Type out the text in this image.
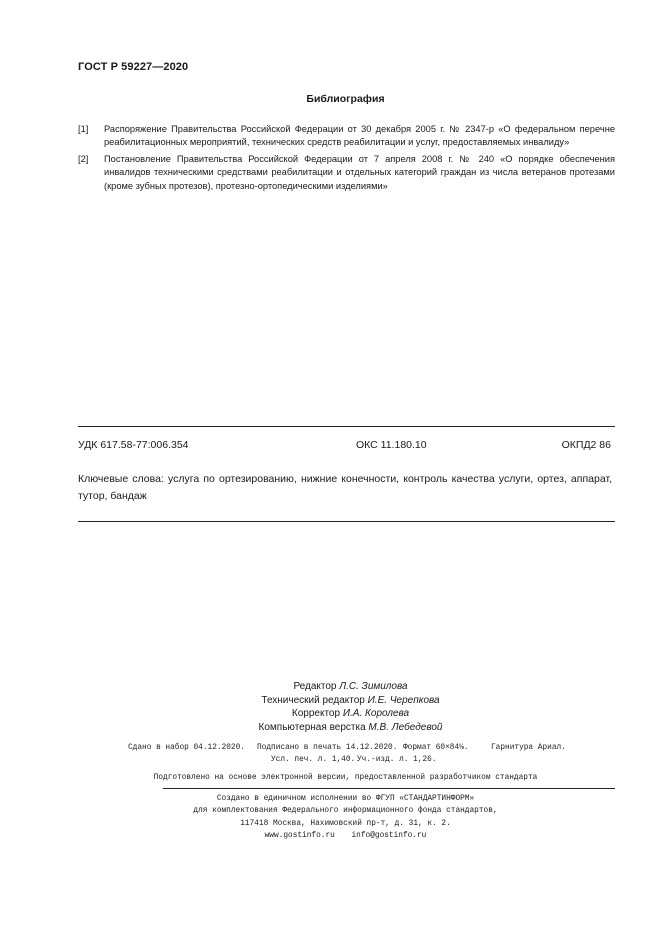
ГОСТ Р 59227—2020
Библиография
[1] Распоряжение Правительства Российской Федерации от 30 декабря 2005 г. № 2347-р «О федеральном перечне реабилитационных мероприятий, технических средств реабилитации и услуг, предоставляемых инвалиду»
[2] Постановление Правительства Российской Федерации от 7 апреля 2008 г. № 240 «О порядке обеспечения инвалидов техническими средствами реабилитации и отдельных категорий граждан из числа ветеранов протезами (кроме зубных протезов), протезно-ортопедическими изделиями»
УДК 617.58-77:006.354	ОКС 11.180.10	ОКПД2 86
Ключевые слова: услуга по ортезированию, нижние конечности, контроль качества услуги, ортез, аппарат, тутор, бандаж
Редактор Л.С. Зимилова
Технический редактор И.Е. Черепкова
Корректор И.А. Королева
Компьютерная верстка М.В. Лебедевой
Сдано в набор 04.12.2020. Подписано в печать 14.12.2020. Формат 60×84⅛.	Гарнитура Ариал.
Усл. печ. л. 1,40. Уч.-изд. л. 1,26.
Подготовлено на основе электронной версии, предоставленной разработчиком стандарта
Создано в единичном исполнении во ФГУП «СТАНДАРТИНФОРМ»
для комплектования Федерального информационного фонда стандартов,
117418 Москва, Нахимовский пр-т, д. 31, к. 2.
www.gostinfo.ru info@gostinfo.ru
